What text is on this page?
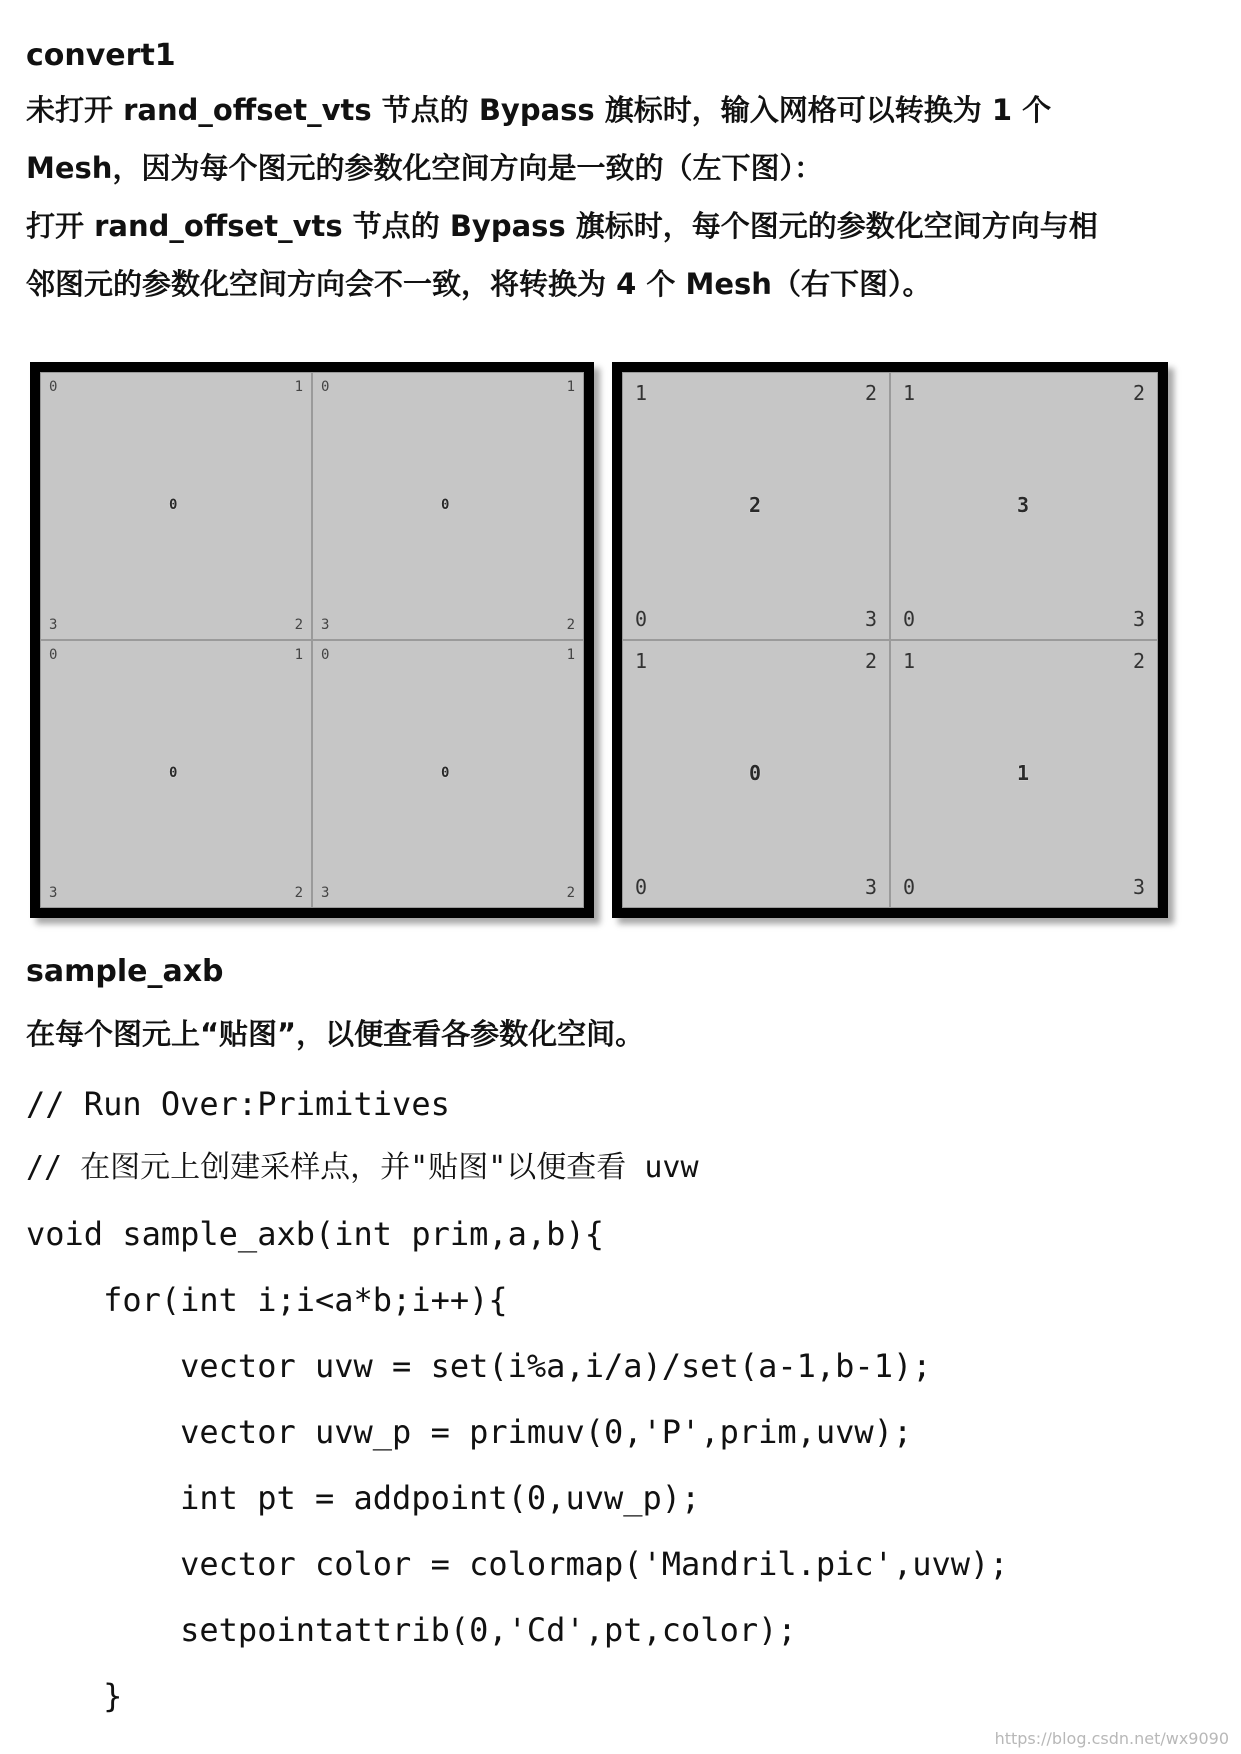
convert1
未打开 rand_offset_vts 节点的 Bypass 旗标时，输入网格可以转换为 1 个
Mesh，因为每个图元的参数化空间方向是一致的（左下图）：
打开 rand_offset_vts 节点的 Bypass 旗标时，每个图元的参数化空间方向与相
邻图元的参数化空间方向会不一致，将转换为 4 个 Mesh（右下图）。
0	1
3	2
0
0	1
3	2
0
0	1
3	2
0
0	1
3	2
0
1	2
0	3
2
1	2
0	3
3
1	2
0	3
0
1	2
0	3
1
sample_axb
在每个图元上“贴图”，以便查看各参数化空间。
// Run Over:Primitives
// 在图元上创建采样点，并"贴图"以便查看 uvw
void sample_axb(int prim,a,b){
for(int i;i<a*b;i++){
vector uvw = set(i%a,i/a)/set(a-1,b-1);
vector uvw_p = primuv(0,'P',prim,uvw);
int pt = addpoint(0,uvw_p);
vector color = colormap('Mandril.pic',uvw);
setpointattrib(0,'Cd',pt,color);
}
https://blog.csdn.net/wx9090
